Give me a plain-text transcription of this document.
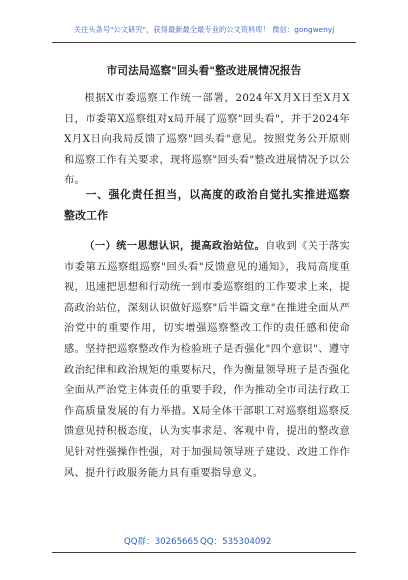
关注头条号"公文研究"，获得最新最全最专业的公文资料库！ 微信：gongwenyj
市司法局巡察"回头看"整改进展情况报告

根据X市委巡察工作统一部署，2024年X月X日至X月X日，市委第X巡察组对x局开展了巡察"回头看"，并于2024年X月X日向我局反馈了巡察"回头看"意见。按照党务公开原则和巡察工作有关要求，现将巡察"回头看"整改进展情况予以公布。

一、强化责任担当，以高度的政治自觉扎实推进巡察整改工作

（一）统一思想认识，提高政治站位。自收到《关于落实市委第五巡察组巡察"回头看"反馈意见的通知》，我局高度重视，迅速把思想和行动统一到市委巡察组的工作要求上来，提高政治站位，深刻认识做好巡察"后半篇文章"在推进全面从严治党中的重要作用，切实增强巡察整改工作的责任感和使命感。坚持把巡察整改作为检验班子是否强化"四个意识"、遵守政治纪律和政治规矩的重要标尺，作为衡量领导班子是否强化全面从严治党主体责任的重要手段，作为推动全市司法行政工作高质量发展的有力举措。X局全体干部职工对巡察组巡察反馈意见持积极态度，认为实事求是、客观中肯，提出的整改意见针对性强操作性强，对于加强局领导班子建设、改进工作作风、提升行政服务能力具有重要指导意义。

QQ群：30265665 QQ：535304092
